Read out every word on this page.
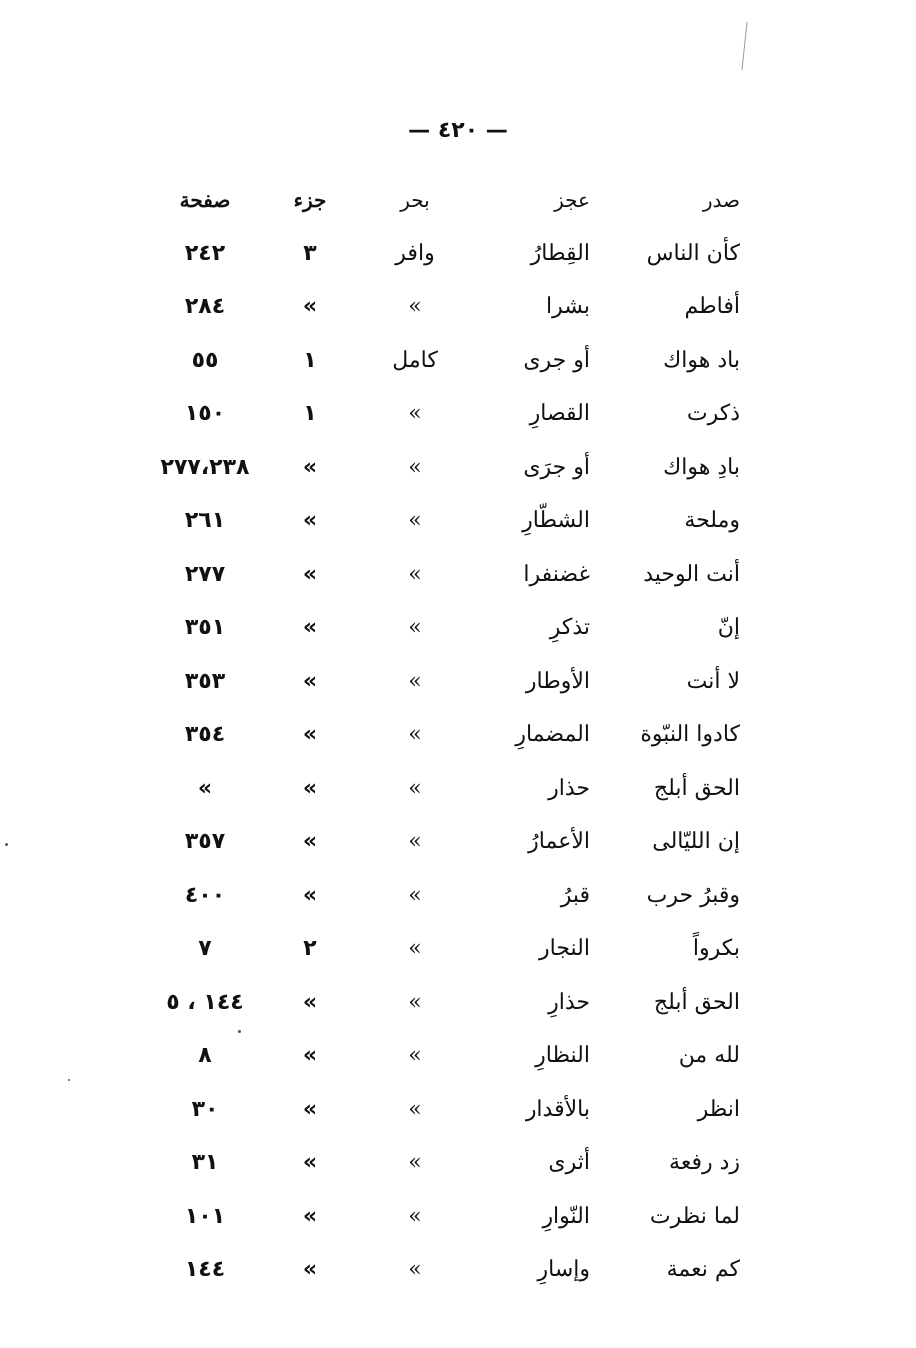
— ٤٢٠ —
صدر
عجز
بحر
جزء
صفحة
كأن الناس
القِطارُ
وافر
٣
٢٤٢
أفاطم
بشرا
»
»
٢٨٤
باد هواك
أو جرى
كامل
١
٥٥
ذكرت
القصارِ
»
١
١٥٠
بادِ هواك
أو جرَى
»
»
٢٧٧،٢٣٨
وملحة
الشطّارِ
»
»
٢٦١
أنت الوحيد
غضنفرا
»
»
٢٧٧
إنّ
تذكرِ
»
»
٣٥١
لا أنت
الأوطار
»
»
٣٥٣
كادوا النبّوة
المضمارِ
»
»
٣٥٤
الحق أبلج
حذار
»
»
»
إن الليّالى
الأعمارُ
»
»
٣٥٧
وقبرُ حرب
قبرُ
»
»
٤٠٠
بكرواً
النجار
»
٢
٧
الحق أبلج
حذارِ
»
»
١٤٤ ، ٥
لله من
النظارِ
»
»
٨
انظر
بالأقدار
»
»
٣٠
زد رفعة
أثرى
»
»
٣١
لما نظرت
النّوارِ
»
»
١٠١
كم نعمة
وإسارِ
»
»
١٤٤
